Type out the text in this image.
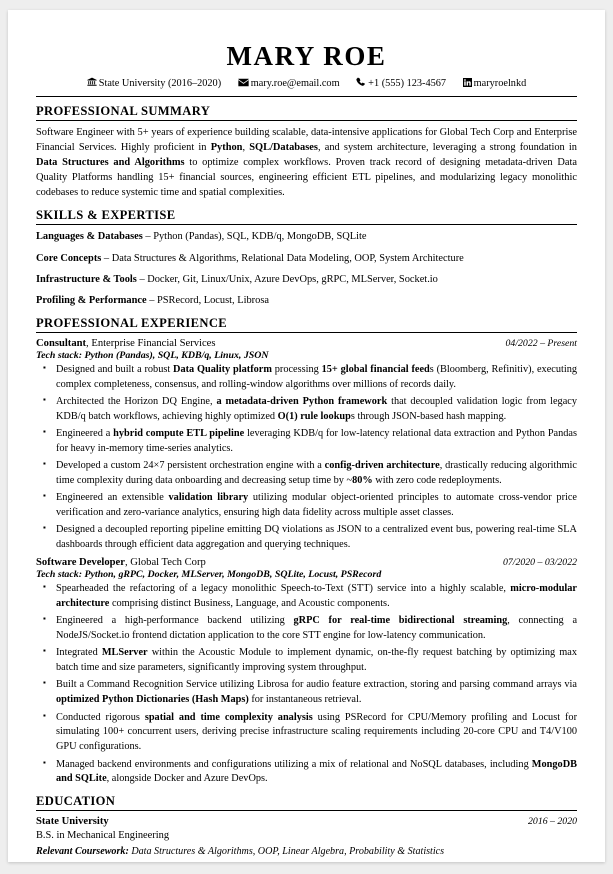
MARY ROE
State University (2016–2020)	mary.roe@email.com	+1 (555) 123-4567	maryroelnkd
PROFESSIONAL SUMMARY

Software Engineer with 5+ years of experience building scalable, data-intensive applications for Global Tech Corp and Enterprise Financial Services. Highly proficient in Python, SQL/Databases, and system architecture, leveraging a strong foundation in Data Structures and Algorithms to optimize complex workflows. Proven track record of designing metadata-driven Data Quality Platforms handling 15+ financial sources, engineering efficient ETL pipelines, and modularizing legacy monolithic codebases to reduce systemic time and spatial complexities.

SKILLS & EXPERTISE
Languages & Databases – Python (Pandas), SQL, KDB/q, MongoDB, SQLite
Core Concepts – Data Structures & Algorithms, Relational Data Modeling, OOP, System Architecture
Infrastructure & Tools – Docker, Git, Linux/Unix, Azure DevOps, gRPC, MLServer, Socket.io
Profiling & Performance – PSRecord, Locust, Librosa
PROFESSIONAL EXPERIENCE
Consultant, Enterprise Financial Services	04/2022 – Present
Tech stack: Python (Pandas), SQL, KDB/q, Linux, JSON
▪ Designed and built a robust Data Quality platform processing 15+ global financial feeds (Bloomberg, Refinitiv), executing complex completeness, consensus, and rolling-window algorithms over millions of records daily.
▪ Architected the Horizon DQ Engine, a metadata-driven Python framework that decoupled validation logic from legacy KDB/q batch workflows, achieving highly optimized O(1) rule lookups through JSON-based hash mapping.
▪ Engineered a hybrid compute ETL pipeline leveraging KDB/q for low-latency relational data extraction and Python Pandas for heavy in-memory time-series analytics.
▪ Developed a custom 24×7 persistent orchestration engine with a config-driven architecture, drastically reducing algorithmic time complexity during data onboarding and decreasing setup time by ~80% with zero code redeployments.
▪ Engineered an extensible validation library utilizing modular object-oriented principles to automate cross-vendor price verification and zero-variance analytics, ensuring high data fidelity across multiple asset classes.
▪ Designed a decoupled reporting pipeline emitting DQ violations as JSON to a centralized event bus, powering real-time SLA dashboards through efficient data aggregation and querying techniques.
Software Developer, Global Tech Corp	07/2020 – 03/2022
Tech stack: Python, gRPC, Docker, MLServer, MongoDB, SQLite, Locust, PSRecord
▪ Spearheaded the refactoring of a legacy monolithic Speech-to-Text (STT) service into a highly scalable, micro-modular architecture comprising distinct Business, Language, and Acoustic components.
▪ Engineered a high-performance backend utilizing gRPC for real-time bidirectional streaming, connecting a NodeJS/Socket.io frontend dictation application to the core STT engine for low-latency communication.
▪ Integrated MLServer within the Acoustic Module to implement dynamic, on-the-fly request batching by optimizing max batch time and size parameters, significantly improving system throughput.
▪ Built a Command Recognition Service utilizing Librosa for audio feature extraction, storing and parsing command arrays via optimized Python Dictionaries (Hash Maps) for instantaneous retrieval.
▪ Conducted rigorous spatial and time complexity analysis using PSRecord for CPU/Memory profiling and Locust for simulating 100+ concurrent users, deriving precise infrastructure scaling requirements including 20-core CPU and T4/V100 GPU configurations.
▪ Managed backend environments and configurations utilizing a mix of relational and NoSQL databases, including MongoDB and SQLite, alongside Docker and Azure DevOps.
EDUCATION
State University	2016 – 2020
B.S. in Mechanical Engineering
Relevant Coursework: Data Structures & Algorithms, OOP, Linear Algebra, Probability & Statistics
